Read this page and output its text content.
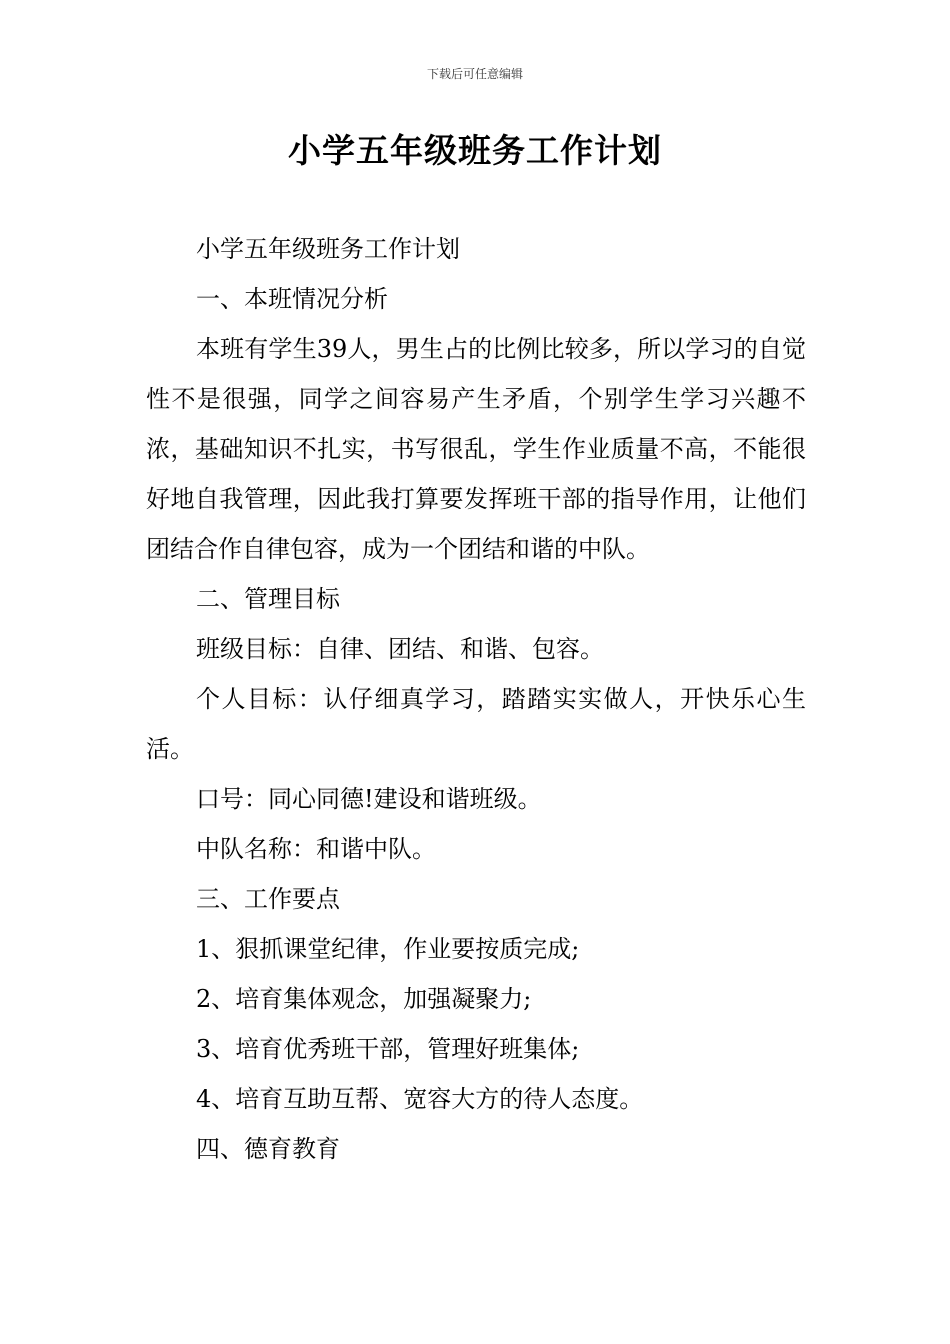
下载后可任意编辑
小学五年级班务工作计划

小学五年级班务工作计划

一、本班情况分析

本班有学生39人，男生占的比例比较多，所以学习的自觉性不是很强，同学之间容易产生矛盾，个别学生学习兴趣不浓，基础知识不扎实，书写很乱，学生作业质量不高，不能很好地自我管理，因此我打算要发挥班干部的指导作用，让他们团结合作自律包容，成为一个团结和谐的中队。

二、管理目标

班级目标：自律、团结、和谐、包容。

个人目标：认仔细真学习，踏踏实实做人，开快乐心生活。

口号：同心同德!建设和谐班级。

中队名称：和谐中队。

三、工作要点

1、狠抓课堂纪律，作业要按质完成;

2、培育集体观念，加强凝聚力;

3、培育优秀班干部，管理好班集体;

4、培育互助互帮、宽容大方的待人态度。

四、德育教育
